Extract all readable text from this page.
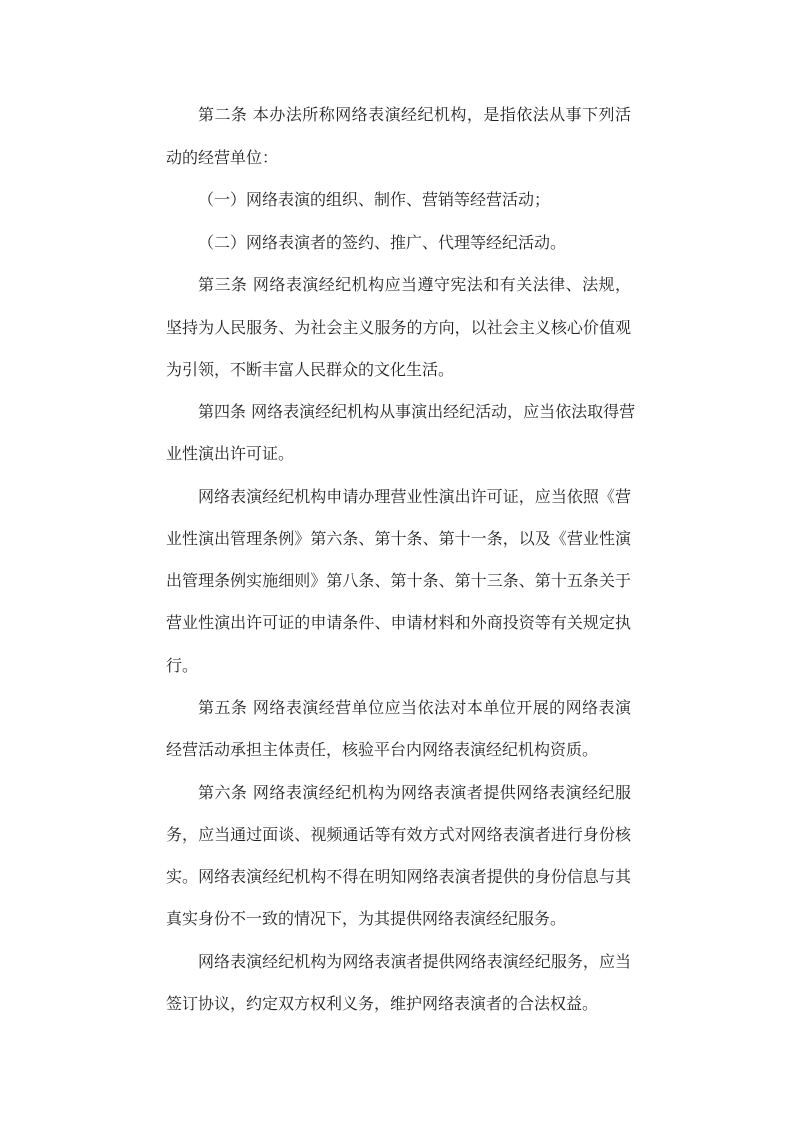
第二条 本办法所称网络表演经纪机构，是指依法从事下列活
动的经营单位：
（一）网络表演的组织、制作、营销等经营活动；
（二）网络表演者的签约、推广、代理等经纪活动。
第三条 网络表演经纪机构应当遵守宪法和有关法律、法规，
坚持为人民服务、为社会主义服务的方向，以社会主义核心价值观
为引领，不断丰富人民群众的文化生活。
第四条 网络表演经纪机构从事演出经纪活动，应当依法取得营
业性演出许可证。
网络表演经纪机构申请办理营业性演出许可证，应当依照《营
业性演出管理条例》第六条、第十条、第十一条，以及《营业性演
出管理条例实施细则》第八条、第十条、第十三条、第十五条关于
营业性演出许可证的申请条件、申请材料和外商投资等有关规定执
行。
第五条 网络表演经营单位应当依法对本单位开展的网络表演
经营活动承担主体责任，核验平台内网络表演经纪机构资质。
第六条 网络表演经纪机构为网络表演者提供网络表演经纪服
务，应当通过面谈、视频通话等有效方式对网络表演者进行身份核
实。网络表演经纪机构不得在明知网络表演者提供的身份信息与其
真实身份不一致的情况下，为其提供网络表演经纪服务。
网络表演经纪机构为网络表演者提供网络表演经纪服务，应当
签订协议，约定双方权利义务，维护网络表演者的合法权益。
